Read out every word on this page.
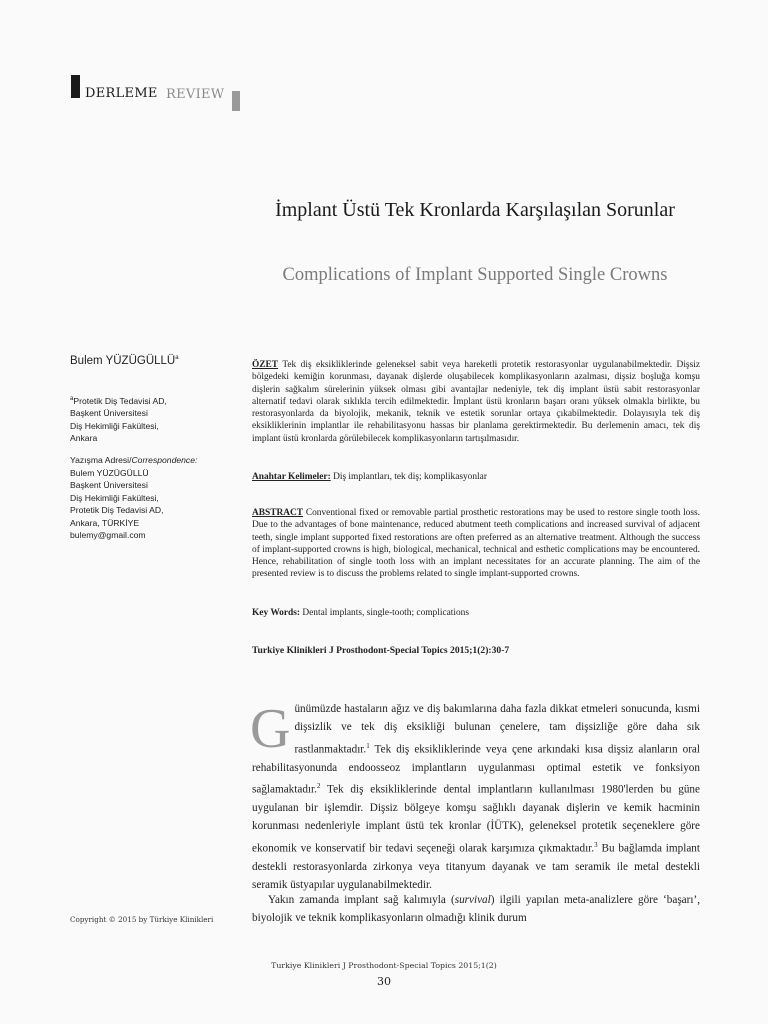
DERLEME REVIEW
İmplant Üstü Tek Kronlarda Karşılaşılan Sorunlar
Complications of Implant Supported Single Crowns
Bulem YÜZÜGÜLLÜ$^a$
$^a$Protetik Diş Tedavisi AD,
Başkent Üniversitesi
Diş Hekimliği Fakültesi,
Ankara
Yazışma Adresi/Correspondence:
Bulem YÜZÜGÜLLÜ
Başkent Üniversitesi
Diş Hekimliği Fakültesi,
Protetik Diş Tedavisi AD,
Ankara, TÜRKİYE
bulemy@gmail.com
Copyright © 2015 by Türkiye Klinikleri
ÖZET Tek diş eksikliklerinde geleneksel sabit veya hareketli protetik restorasyonlar uygulanabilmektedir. Dişsiz bölgedeki kemiğin korunması, dayanak dişlerde oluşabilecek komplikasyonların azalması, dişsiz boşluğa komşu dişlerin sağkalım sürelerinin yüksek olması gibi avantajlar nedeniyle, tek diş implant üstü sabit restorasyonlar alternatif tedavi olarak sıklıkla tercih edilmektedir. İmplant üstü kronların başarı oranı yüksek olmakla birlikte, bu restorasyonlarda da biyolojik, mekanik, teknik ve estetik sorunlar ortaya çıkabilmektedir. Dolayısıyla tek diş eksikliklerinin implantlar ile rehabilitasyonu hassas bir planlama gerektirmektedir. Bu derlemenin amacı, tek diş implant üstü kronlarda görülebilecek komplikasyonların tartışılmasıdır.
Anahtar Kelimeler: Diş implantları, tek diş; komplikasyonlar
ABSTRACT Conventional fixed or removable partial prosthetic restorations may be used to restore single tooth loss. Due to the advantages of bone maintenance, reduced abutment teeth complications and increased survival of adjacent teeth, single implant supported fixed restorations are often preferred as an alternative treatment. Although the success of implant-supported crowns is high, biological, mechanical, technical and esthetic complications may be encountered. Hence, rehabilitation of single tooth loss with an implant necessitates for an accurate planning. The aim of the presented review is to discuss the problems related to single implant-supported crowns.
Key Words: Dental implants, single-tooth; complications
Turkiye Klinikleri J Prosthodont-Special Topics 2015;1(2):30-7
Günümüzde hastaların ağız ve diş bakımlarına daha fazla dikkat etmeleri sonucunda, kısmi dişsizlik ve tek diş eksikliği bulunan çenelere, tam dişsizliğe göre daha sık rastlanmaktadır.$^1$ Tek diş eksikliklerinde veya çene arkındaki kısa dişsiz alanların oral rehabilitasyonunda endoosseoz implantların uygulanması optimal estetik ve fonksiyon sağlamaktadır.$^2$ Tek diş eksikliklerinde dental implantların kullanılması 1980'lerden bu güne uygulanan bir işlemdir. Dişsiz bölgeye komşu sağlıklı dayanak dişlerin ve kemik hacminin korunması nedenleriyle implant üstü tek kronlar (İÜTK), geleneksel protetik seçeneklere göre ekonomik ve konservatif bir tedavi seçeneği olarak karşımıza çıkmaktadır.$^3$ Bu bağlamda implant destekli restorasyonlarda zirkonya veya titanyum dayanak ve tam seramik ile metal destekli seramik üstyapılar uygulanabilmektedir.
Yakın zamanda implant sağ kalımıyla (survival) ilgili yapılan meta-analizlere göre ‘başarı’, biyolojik ve teknik komplikasyonların olmadığı klinik durum
Turkiye Klinikleri J Prosthodont-Special Topics 2015;1(2)
30
